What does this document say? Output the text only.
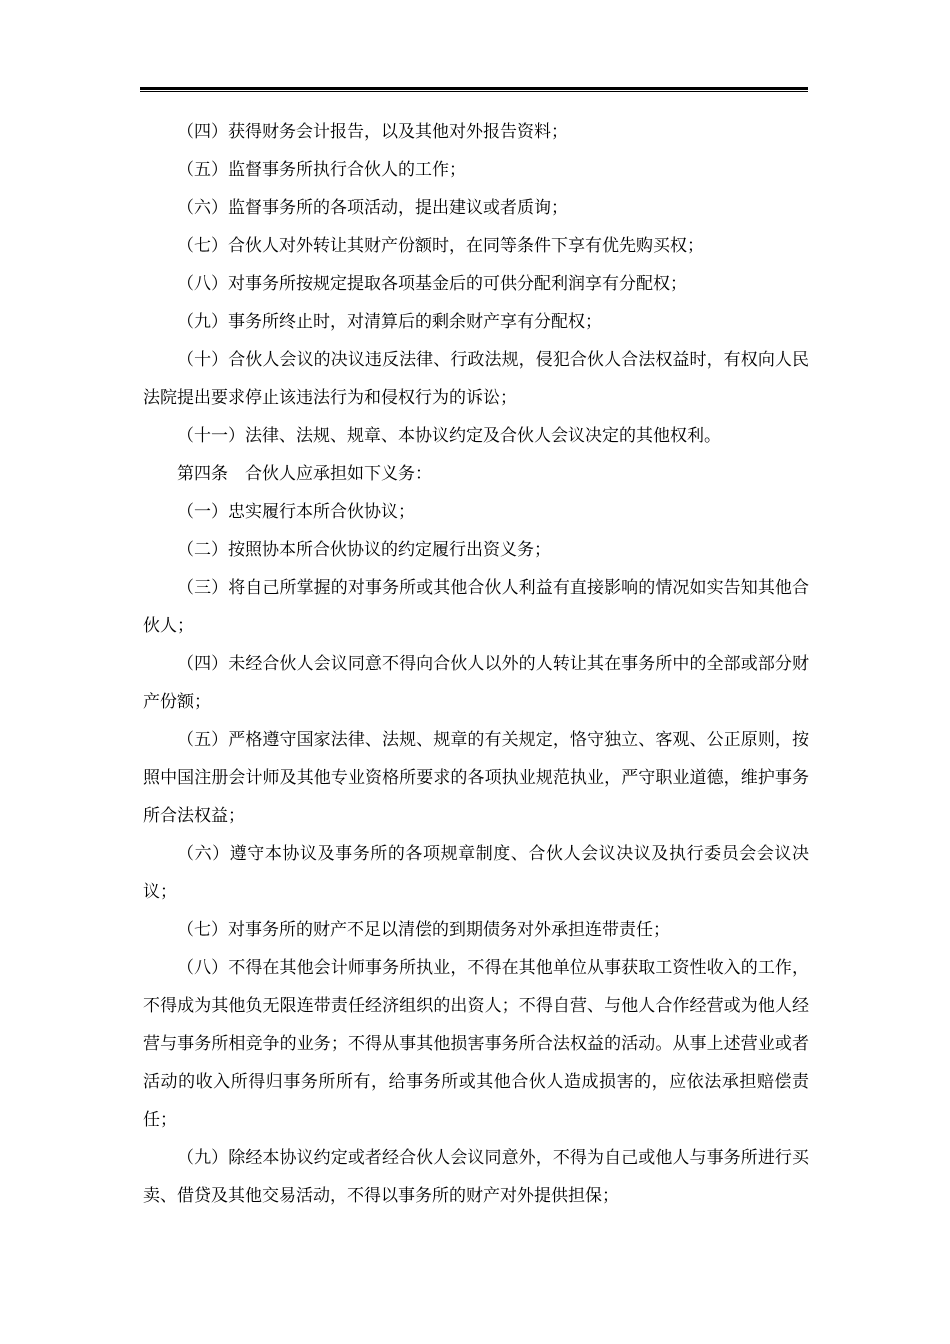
（四）获得财务会计报告，以及其他对外报告资料；

（五）监督事务所执行合伙人的工作；

（六）监督事务所的各项活动，提出建议或者质询；

（七）合伙人对外转让其财产份额时，在同等条件下享有优先购买权；

（八）对事务所按规定提取各项基金后的可供分配利润享有分配权；

（九）事务所终止时，对清算后的剩余财产享有分配权；

（十）合伙人会议的决议违反法律、行政法规，侵犯合伙人合法权益时，有权向人民法院提出要求停止该违法行为和侵权行为的诉讼；

（十一）法律、法规、规章、本协议约定及合伙人会议决定的其他权利。

第四条　合伙人应承担如下义务：

（一）忠实履行本所合伙协议；

（二）按照协本所合伙协议的约定履行出资义务；

（三）将自己所掌握的对事务所或其他合伙人利益有直接影响的情况如实告知其他合伙人；

（四）未经合伙人会议同意不得向合伙人以外的人转让其在事务所中的全部或部分财产份额；

（五）严格遵守国家法律、法规、规章的有关规定，恪守独立、客观、公正原则，按照中国注册会计师及其他专业资格所要求的各项执业规范执业，严守职业道德，维护事务所合法权益；

（六）遵守本协议及事务所的各项规章制度、合伙人会议决议及执行委员会会议决议；

（七）对事务所的财产不足以清偿的到期债务对外承担连带责任；

（八）不得在其他会计师事务所执业，不得在其他单位从事获取工资性收入的工作，不得成为其他负无限连带责任经济组织的出资人；不得自营、与他人合作经营或为他人经营与事务所相竞争的业务；不得从事其他损害事务所合法权益的活动。从事上述营业或者活动的收入所得归事务所所有，给事务所或其他合伙人造成损害的，应依法承担赔偿责任；

（九）除经本协议约定或者经合伙人会议同意外，不得为自己或他人与事务所进行买卖、借贷及其他交易活动，不得以事务所的财产对外提供担保；
